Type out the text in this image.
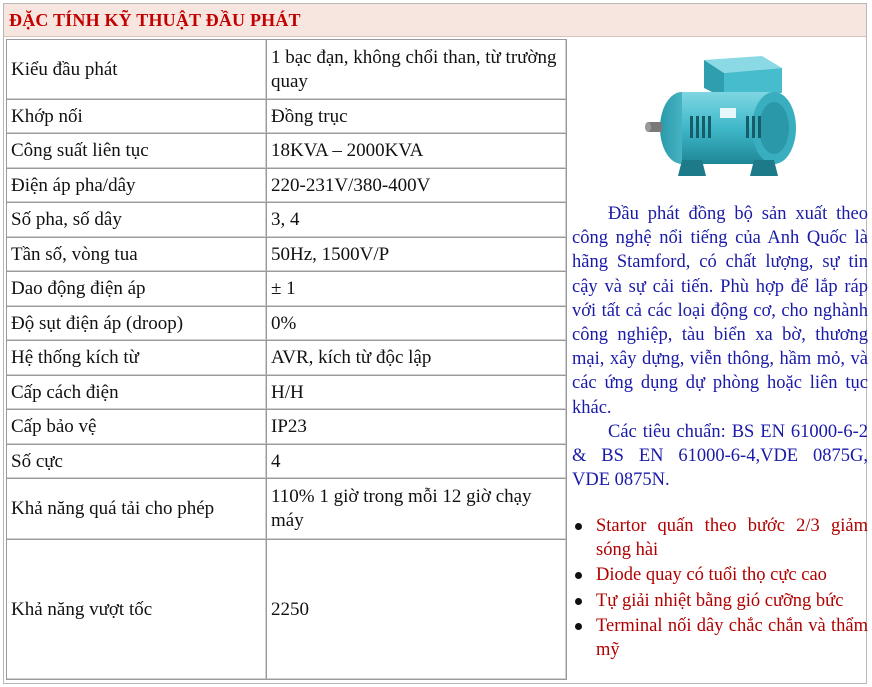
ĐẶC TÍNH KỸ THUẬT ĐẦU PHÁT
Kiểu đầu phát	1 bạc đạn, không chổi than, từ trường quay
Khớp nối	Đồng trục
Công suất liên tục	18KVA – 2000KVA
Điện áp pha/dây	220-231V/380-400V
Số pha, số dây	3, 4
Tần số, vòng tua	50Hz, 1500V/P
Dao động điện áp	± 1
Độ sụt điện áp (droop)	0%
Hệ thống kích từ	AVR, kích từ độc lập
Cấp cách điện	H/H
Cấp bảo vệ	IP23
Số cực	4
Khả năng quá tải cho phép	110% 1 giờ trong mỗi 12 giờ chạy máy
Khả năng vượt tốc	2250

Đầu phát đồng bộ sản xuất theo công nghệ nổi tiếng của Anh Quốc là hãng Stamford, có chất lượng, sự tin cậy và sự cải tiến. Phù hợp để lắp ráp với tất cả các loại động cơ, cho nghành công nghiệp, tàu biển xa bờ, thương mại, xây dựng, viễn thông, hầm mỏ, và các ứng dụng dự phòng hoặc liên tục khác.

Các tiêu chuẩn: BS EN 61000-6-2 & BS EN 61000-6-4,VDE 0875G, VDE 0875N.

Startor quấn theo bước 2/3 giảm sóng hài
Diode quay có tuổi thọ cực cao
Tự giải nhiệt bằng gió cưỡng bức
Terminal nối dây chắc chắn và thẩm mỹ
